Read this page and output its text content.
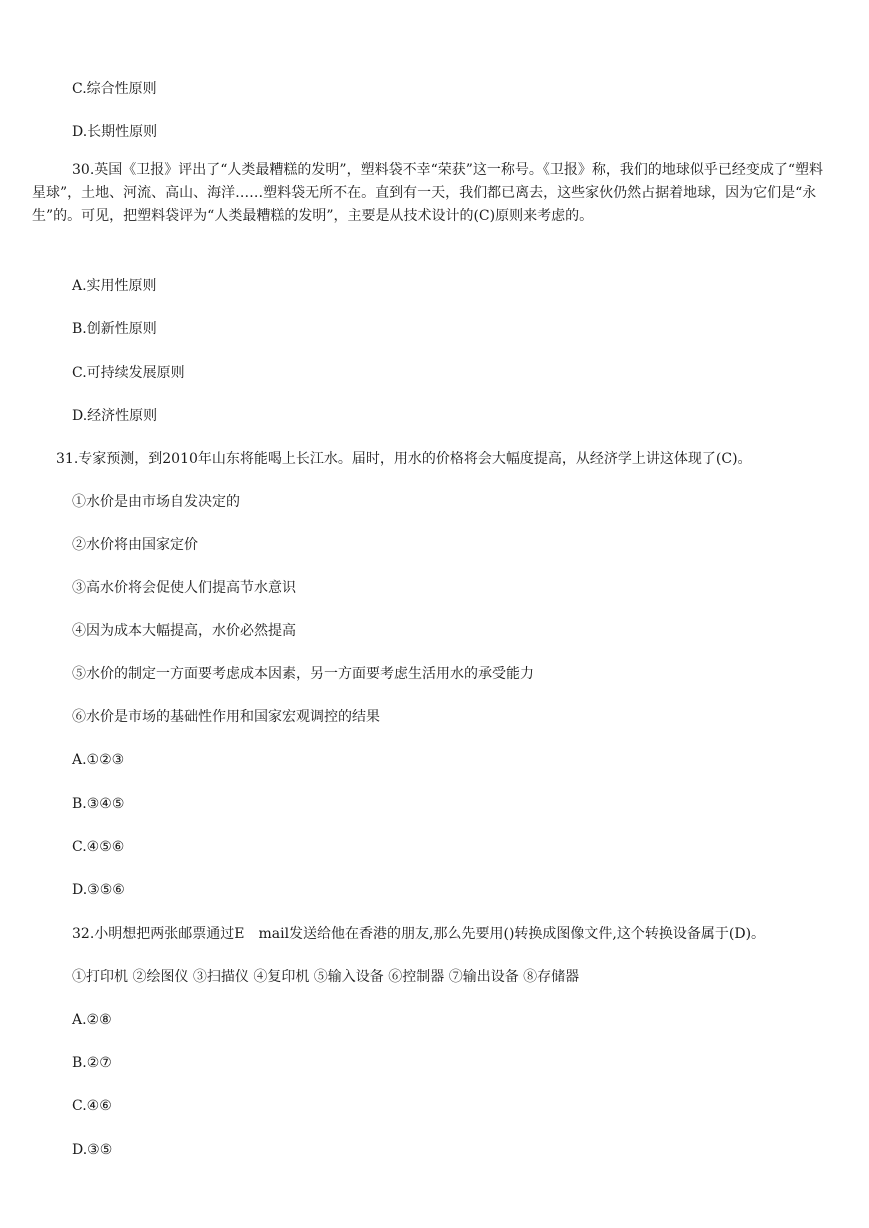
C.综合性原则
D.长期性原则
30.英国《卫报》评出了“人类最糟糕的发明”，塑料袋不幸“荣获”这一称号。《卫报》称，我们的地球似乎已经变成了“塑料星球”，土地、河流、高山、海洋……塑料袋无所不在。直到有一天，我们都已离去，这些家伙仍然占据着地球，因为它们是“永生”的。可见，把塑料袋评为“人类最糟糕的发明”，主要是从技术设计的(C)原则来考虑的。
A.实用性原则
B.创新性原则
C.可持续发展原则
D.经济性原则
31.专家预测，到2010年山东将能喝上长江水。届时，用水的价格将会大幅度提高，从经济学上讲这体现了(C)。
①水价是由市场自发决定的
②水价将由国家定价
③高水价将会促使人们提高节水意识
④因为成本大幅提高，水价必然提高
⑤水价的制定一方面要考虑成本因素，另一方面要考虑生活用水的承受能力
⑥水价是市场的基础性作用和国家宏观调控的结果
A.①②③
B.③④⑤
C.④⑤⑥
D.③⑤⑥
32.小明想把两张邮票通过E　mail发送给他在香港的朋友,那么先要用()转换成图像文件,这个转换设备属于(D)。
①打印机 ②绘图仪 ③扫描仪 ④复印机 ⑤输入设备 ⑥控制器 ⑦输出设备 ⑧存储器
A.②⑧
B.②⑦
C.④⑥
D.③⑤
